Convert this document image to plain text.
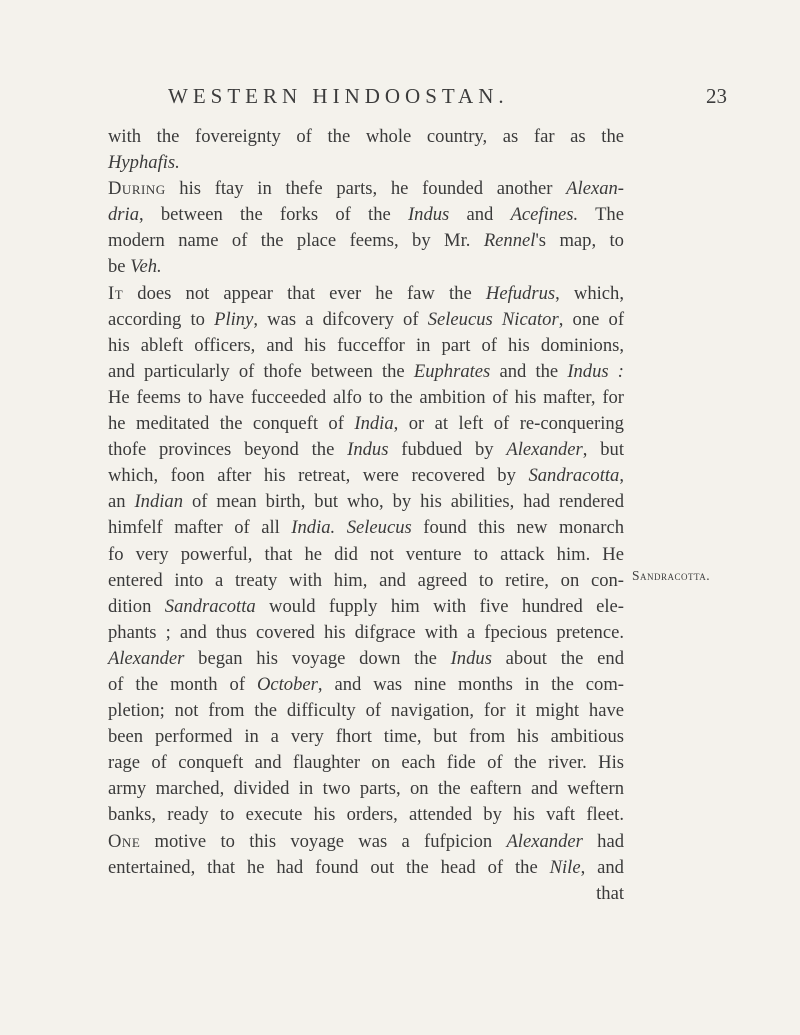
WESTERN HINDOOSTAN.	23
with the fovereignty of the whole country, as far as the
Hyphafis.
During his ftay in thefe parts, he founded another Alexan-
dria, between the forks of the Indus and Acefines. The
modern name of the place feems, by Mr. Rennel's map, to
be Veh.
It does not appear that ever he faw the Hefudrus, which,
according to Pliny, was a difcovery of Seleucus Nicator, one of
his ableft officers, and his fucceffor in part of his dominions,
and particularly of thofe between the Euphrates and the Indus :
He feems to have fucceeded alfo to the ambition of his mafter, for
he meditated the conqueft of India, or at left of re-conquering
thofe provinces beyond the Indus fubdued by Alexander, but
which, foon after his retreat, were recovered by Sandracotta,
an Indian of mean birth, but who, by his abilities, had rendered
himfelf mafter of all India. Seleucus found this new monarch
fo very powerful, that he did not venture to attack him. He
entered into a treaty with him, and agreed to retire, on con-
dition Sandracotta would fupply him with five hundred ele-
phants ; and thus covered his difgrace with a fpecious pretence.
Alexander began his voyage down the Indus about the end
of the month of October, and was nine months in the com-
pletion; not from the difficulty of navigation, for it might have
been performed in a very fhort time, but from his ambitious
rage of conqueft and flaughter on each fide of the river. His
army marched, divided in two parts, on the eaftern and weftern
banks, ready to execute his orders, attended by his vaft fleet.
One motive to this voyage was a fufpicion Alexander had
entertained, that he had found out the head of the Nile, and
that
Sandracotta.
